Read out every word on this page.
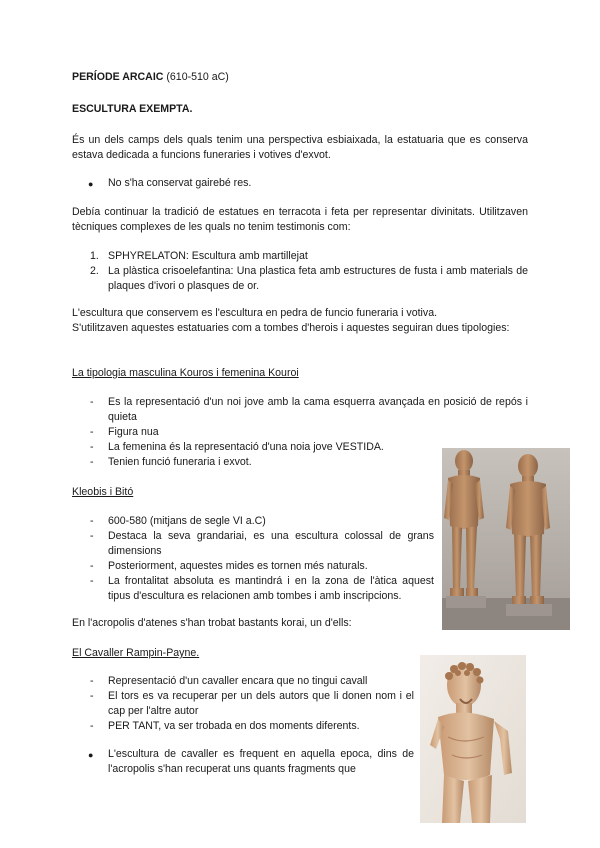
PERÍODE ARCAIC (610-510 aC)
ESCULTURA EXEMPTA.
És un dels camps dels quals tenim una perspectiva esbiaixada, la estatuaria que es conserva estava dedicada a funcions funeraries i votives d'exvot.
● No s'ha conservat gairebé res.
Debía continuar la tradició de estatues en terracota i feta per representar divinitats. Utilitzaven tècniques complexes de les quals no tenim testimonis com:
1. SPHYRELATON: Escultura amb martillejat
2. La plàstica crisoelefantina: Una plastica feta amb estructures de fusta i amb materials de plaques d'ivori o plasques de or.
L'escultura que conservem es l'escultura en pedra de funcio funeraria i votiva.
S'utilitzaven aquestes estatuaries com a tombes d'herois i aquestes seguiran dues tipologies:
La tipologia masculina Kouros i femenina Kouroi
- Es la representació d'un noi jove amb la cama esquerra avançada en posició de repós i quieta
- Figura nua
- La femenina és la representació d'una noia jove VESTIDA.
- Tenien funció funeraria i exvot.
Kleobis i Bitó
- 600-580 (mitjans de segle VI a.C)
- Destaca la seva grandariai, es una escultura colossal de grans dimensions
- Posteriorment, aquestes mides es tornen més naturals.
- La frontalitat absoluta es mantindrá i en la zona de l'àtica aquest tipus d'escultura es relacionen amb tombes i amb inscripcions.
En l'acropolis d'atenes s'han trobat bastants korai, un d'ells:
El Cavaller Rampin-Payne.
- Representació d'un cavaller encara que no tingui cavall
- El tors es va recuperar per un dels autors que li donen nom i el cap per l'altre autor
- PER TANT, va ser trobada en dos moments diferents.
● L'escultura de cavaller es frequent en aquella epoca, dins de l'acropolis s'han recuperat uns quants fragments que
